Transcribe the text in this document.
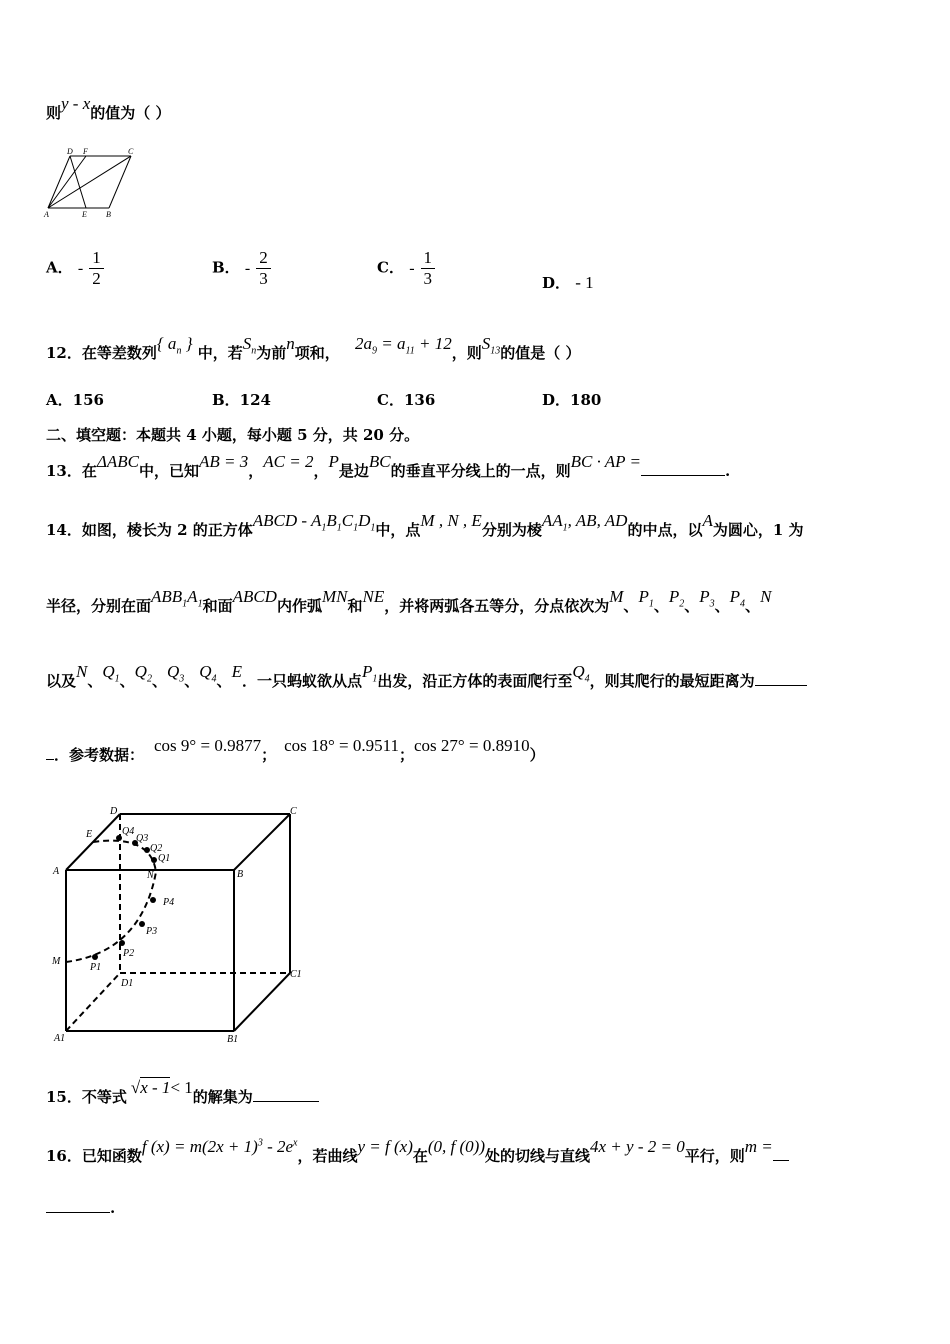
则y - x的值为（ ）
D F	C
A	E B
A． - $\frac{1}{2}$	B． - $\frac{2}{3}$	C． - $\frac{1}{3}$	D． - 1
12．在等差数列{ $a_n$ } 中，若$S_n$为前n项和， $2a_9 = a_{11} + 12$，则$S_{13}$的值是（ ）
A．156	B．124	C．136	D．180
二、填空题：本题共 4 小题，每小题 5 分，共 20 分。
13．在ΔABC中，已知AB = 3，AC = 2，P是边BC的垂直平分线上的一点，则BC · AP =	.
14．如图，棱长为 2 的正方体ABCD - $A_1B_1C_1D_1$中，点M , N , E分别为棱$AA_1$, AB, AD的中点，以A为圆心，1 为
半径，分别在面$ABB_1A_1$和面ABCD内作弧MN和NE，并将两弧各五等分，分点依次为M、$P_1$、$P_2$、$P_3$、$P_4$、N
以及N、$Q_1$、$Q_2$、$Q_3$、$Q_4$、E．一只蚂蚁欲从点$P_1$出发，沿正方体的表面爬行至$Q_4$，则其爬行的最短距离为
．参考数据： cos 9° = 0.9877； cos 18° = 0.9511；cos 27° = 0.8910）
D	C
E	Q4
Q3
Q2
Q1
A	N	B
P4
P3
M
P2
P1
D1
C1
A1	B1
15．不等式 √x - 1< 1的解集为
16．已知函数f $(x) = m(2x + 1)^3 - 2e^x$，若曲线y = f (x)在(0, f (0))处的切线与直线4x + y - 2 = 0平行，则m =
.
